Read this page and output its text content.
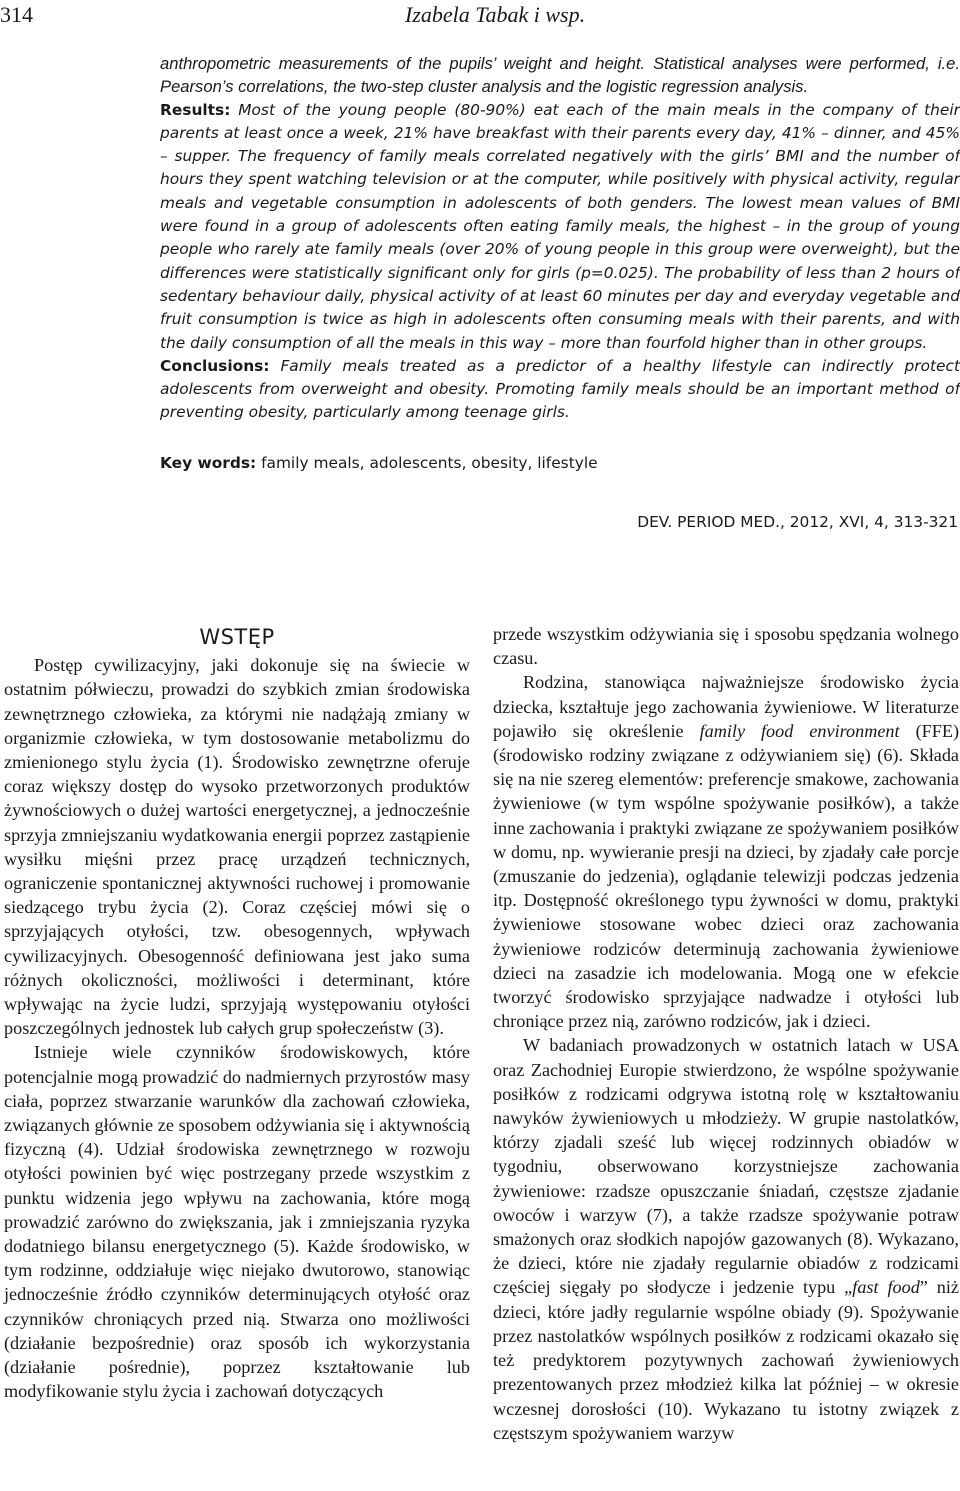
314	Izabela Tabak i wsp.

anthropometric measurements of the pupils’ weight and height. Statistical analyses were performed, i.e. Pearson’s correlations, the two-step cluster analysis and the logistic regression analysis.

Results: Most of the young people (80-90%) eat each of the main meals in the company of their parents at least once a week, 21% have breakfast with their parents every day, 41% – dinner, and 45% – supper. The frequency of family meals correlated negatively with the girls’ BMI and the number of hours they spent watching television or at the computer, while positively with physical activity, regular meals and vegetable consumption in adolescents of both genders. The lowest mean values of BMI were found in a group of adolescents often eating family meals, the highest – in the group of young people who rarely ate family meals (over 20% of young people in this group were overweight), but the differences were statistically significant only for girls (p=0.025). The probability of less than 2 hours of sedentary behaviour daily, physical activity of at least 60 minutes per day and everyday vegetable and fruit consumption is twice as high in adolescents often consuming meals with their parents, and with the daily consumption of all the meals in this way – more than fourfold higher than in other groups.

Conclusions: Family meals treated as a predictor of a healthy lifestyle can indirectly protect adolescents from overweight and obesity. Promoting family meals should be an important method of preventing obesity, particularly among teenage girls.

Key words: family meals, adolescents, obesity, lifestyle
DEV. PERIOD MED., 2012, XVI, 4, 313-321
WSTĘP

Postęp cywilizacyjny, jaki dokonuje się na świecie w ostatnim półwieczu, prowadzi do szybkich zmian środowiska zewnętrznego człowieka, za którymi nie nadążają zmiany w organizmie człowieka, w tym dostosowanie metabolizmu do zmienionego stylu życia (1). Środowisko zewnętrzne oferuje coraz większy dostęp do wysoko przetworzonych produktów żywnościowych o dużej wartości energetycznej, a jednocześnie sprzyja zmniejszaniu wydatkowania energii poprzez zastąpienie wysiłku mięśni przez pracę urządzeń technicznych, ograniczenie spontanicznej aktywności ruchowej i promowanie siedzącego trybu życia (2). Coraz częściej mówi się o sprzyjających otyłości, tzw. obesogennych, wpływach cywilizacyjnych. Obesogenność definiowana jest jako suma różnych okoliczności, możliwości i determinant, które wpływając na życie ludzi, sprzyjają występowaniu otyłości poszczególnych jednostek lub całych grup społeczeństw (3).

Istnieje wiele czynników środowiskowych, które potencjalnie mogą prowadzić do nadmiernych przyrostów masy ciała, poprzez stwarzanie warunków dla zachowań człowieka, związanych głównie ze sposobem odżywiania się i aktywnością fizyczną (4). Udział środowiska zewnętrznego w rozwoju otyłości powinien być więc postrzegany przede wszystkim z punktu widzenia jego wpływu na zachowania, które mogą prowadzić zarówno do zwiększania, jak i zmniejszania ryzyka dodatniego bilansu energetycznego (5). Każde środowisko, w tym rodzinne, oddziałuje więc niejako dwutorowo, stanowiąc jednocześnie źródło czynników determinujących otyłość oraz czynników chroniących przed nią. Stwarza ono możliwości (działanie bezpośrednie) oraz sposób ich wykorzystania (działanie pośrednie), poprzez kształtowanie lub modyfikowanie stylu życia i zachowań dotyczących

przede wszystkim odżywiania się i sposobu spędzania wolnego czasu.

Rodzina, stanowiąca najważniejsze środowisko życia dziecka, kształtuje jego zachowania żywieniowe. W literaturze pojawiło się określenie family food environment (FFE) (środowisko rodziny związane z odżywianiem się) (6). Składa się na nie szereg elementów: preferencje smakowe, zachowania żywieniowe (w tym wspólne spożywanie posiłków), a także inne zachowania i praktyki związane ze spożywaniem posiłków w domu, np. wywieranie presji na dzieci, by zjadały całe porcje (zmuszanie do jedzenia), oglądanie telewizji podczas jedzenia itp. Dostępność określonego typu żywności w domu, praktyki żywieniowe stosowane wobec dzieci oraz zachowania żywieniowe rodziców determinują zachowania żywieniowe dzieci na zasadzie ich modelowania. Mogą one w efekcie tworzyć środowisko sprzyjające nadwadze i otyłości lub chroniące przez nią, zarówno rodziców, jak i dzieci.

W badaniach prowadzonych w ostatnich latach w USA oraz Zachodniej Europie stwierdzono, że wspólne spożywanie posiłków z rodzicami odgrywa istotną rolę w kształtowaniu nawyków żywieniowych u młodzieży. W grupie nastolatków, którzy zjadali sześć lub więcej rodzinnych obiadów w tygodniu, obserwowano korzystniejsze zachowania żywieniowe: rzadsze opuszczanie śniadań, częstsze zjadanie owoców i warzyw (7), a także rzadsze spożywanie potraw smażonych oraz słodkich napojów gazowanych (8). Wykazano, że dzieci, które nie zjadały regularnie obiadów z rodzicami częściej sięgały po słodycze i jedzenie typu „fast food” niż dzieci, które jadły regularnie wspólne obiady (9). Spożywanie przez nastolatków wspólnych posiłków z rodzicami okazało się też predyktorem pozytywnych zachowań żywieniowych prezentowanych przez młodzież kilka lat później – w okresie wczesnej dorosłości (10). Wykazano tu istotny związek z częstszym spożywaniem warzyw
